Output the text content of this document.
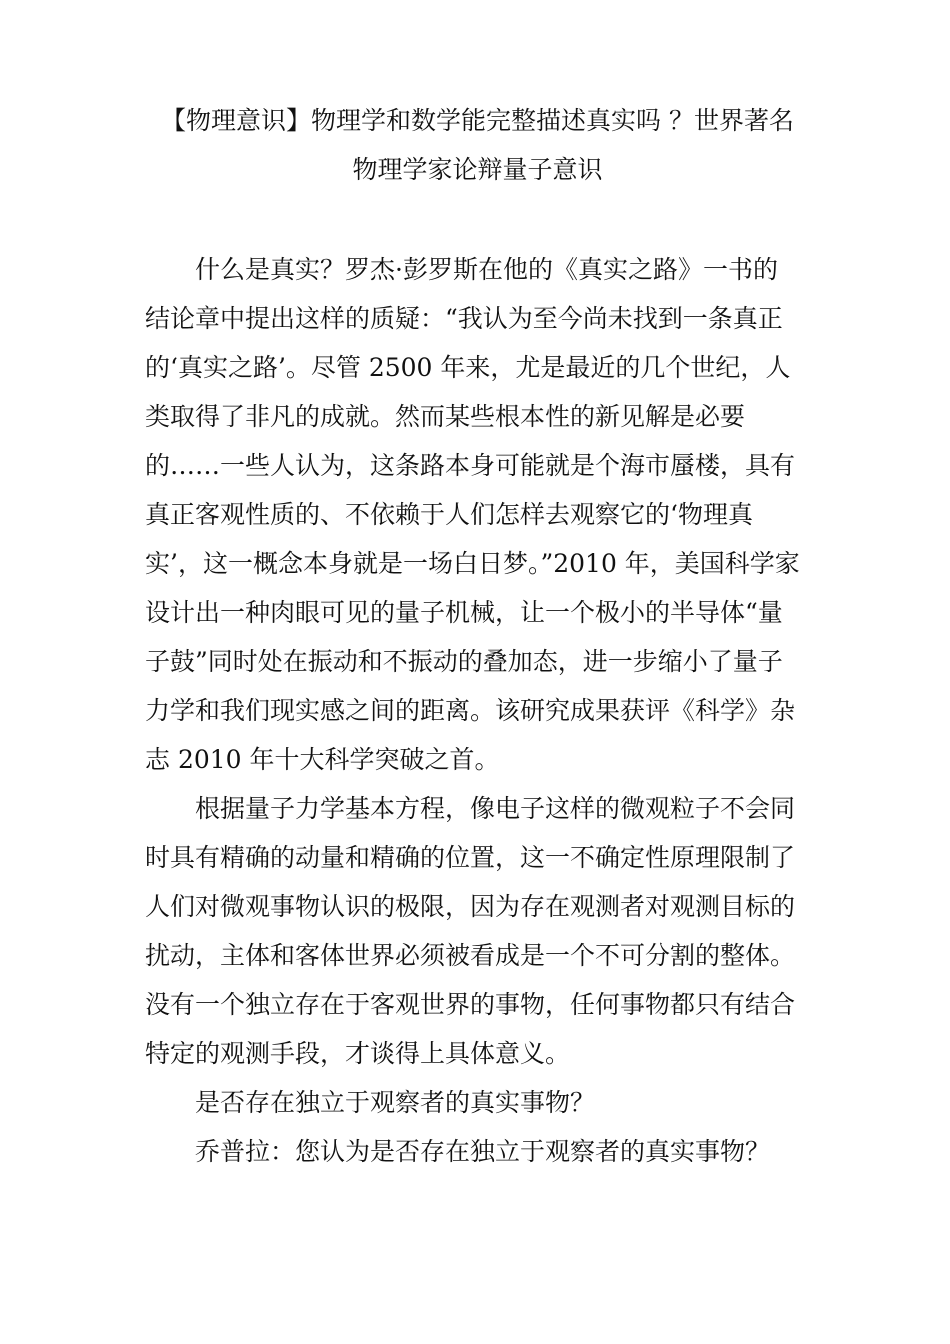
【物理意识】物理学和数学能完整描述真实吗 ？世界著名
物理学家论辩量子意识

什么是真实？罗杰·彭罗斯在他的《真实之路》一书的
结论章中提出这样的质疑：“我认为至今尚未找到一条真正
的‘真实之路’。尽管 2500 年来，尤是最近的几个世纪，人
类取得了非凡的成就。然而某些根本性的新见解是必要
的……一些人认为，这条路本身可能就是个海市蜃楼，具有
真正客观性质的、不依赖于人们怎样去观察它的‘物理真
实’，这一概念本身就是一场白日梦。”2010 年，美国科学家
设计出一种肉眼可见的量子机械，让一个极小的半导体“量
子鼓”同时处在振动和不振动的叠加态，进一步缩小了量子
力学和我们现实感之间的距离。该研究成果获评《科学》杂
志 2010 年十大科学突破之首。

根据量子力学基本方程，像电子这样的微观粒子不会同
时具有精确的动量和精确的位置，这一不确定性原理限制了
人们对微观事物认识的极限，因为存在观测者对观测目标的
扰动，主体和客体世界必须被看成是一个不可分割的整体。
没有一个独立存在于客观世界的事物，任何事物都只有结合
特定的观测手段，才谈得上具体意义。

是否存在独立于观察者的真实事物？

乔普拉：您认为是否存在独立于观察者的真实事物？
